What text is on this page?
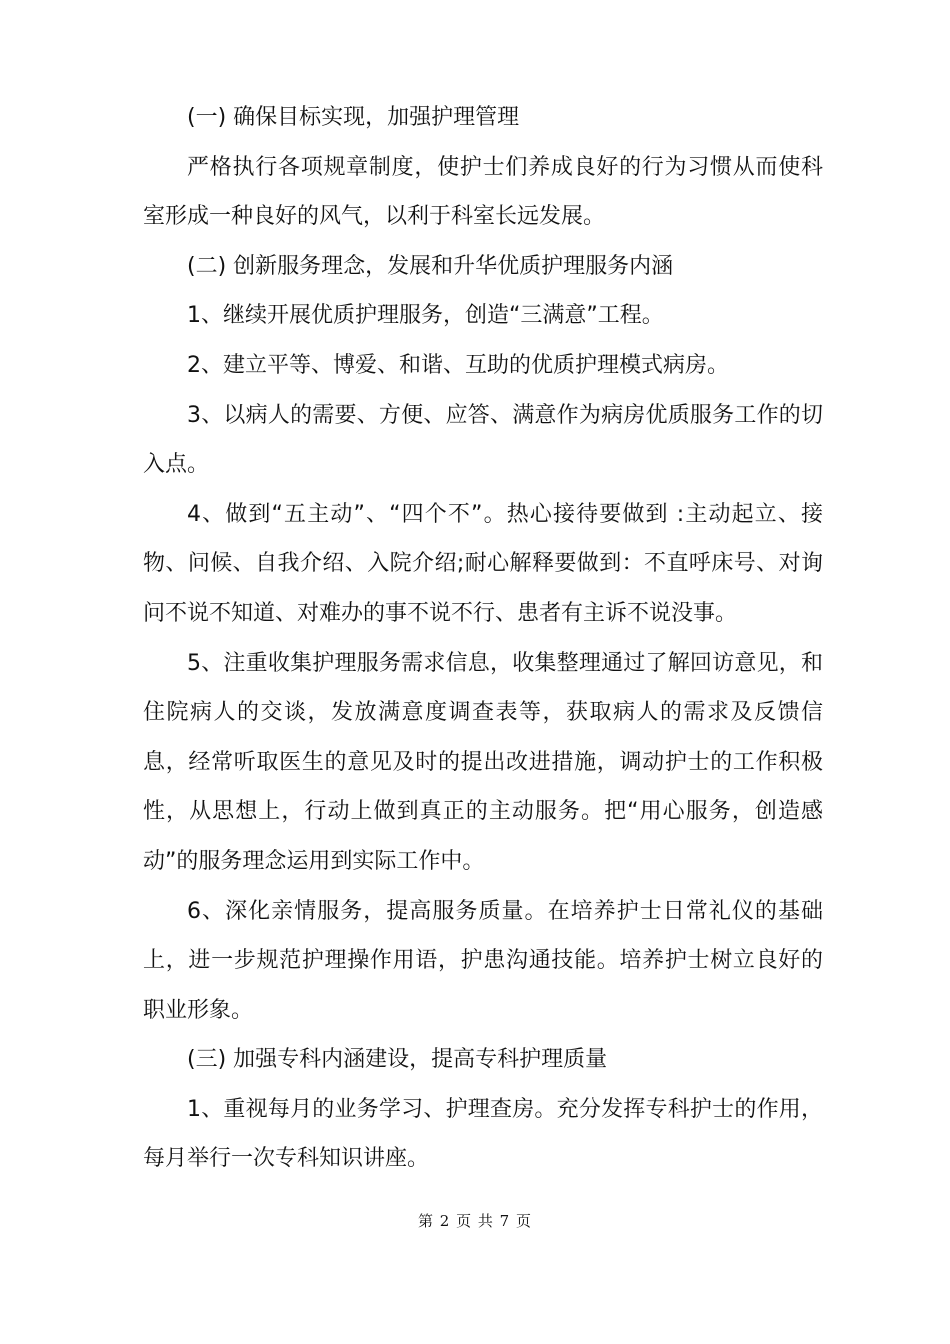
(一) 确保目标实现，加强护理管理

严格执行各项规章制度，使护士们养成良好的行为习惯从而使科室形成一种良好的风气，以利于科室长远发展。

(二) 创新服务理念，发展和升华优质护理服务内涵

1、继续开展优质护理服务，创造“三满意”工程。

2、建立平等、博爱、和谐、互助的优质护理模式病房。

3、以病人的需要、方便、应答、满意作为病房优质服务工作的切入点。

4、做到“五主动”、“四个不”。热心接待要做到 :主动起立、接物、问候、自我介绍、入院介绍;耐心解释要做到：不直呼床号、对询问不说不知道、对难办的事不说不行、患者有主诉不说没事。

5、注重收集护理服务需求信息，收集整理通过了解回访意见，和住院病人的交谈，发放满意度调查表等，获取病人的需求及反馈信息，经常听取医生的意见及时的提出改进措施，调动护士的工作积极性，从思想上，行动上做到真正的主动服务。把“用心服务，创造感动”的服务理念运用到实际工作中。

6、深化亲情服务，提高服务质量。在培养护士日常礼仪的基础上，进一步规范护理操作用语，护患沟通技能。培养护士树立良好的职业形象。

(三) 加强专科内涵建设，提高专科护理质量

1、重视每月的业务学习、护理查房。充分发挥专科护士的作用，每月举行一次专科知识讲座。

第 2 页 共 7 页
